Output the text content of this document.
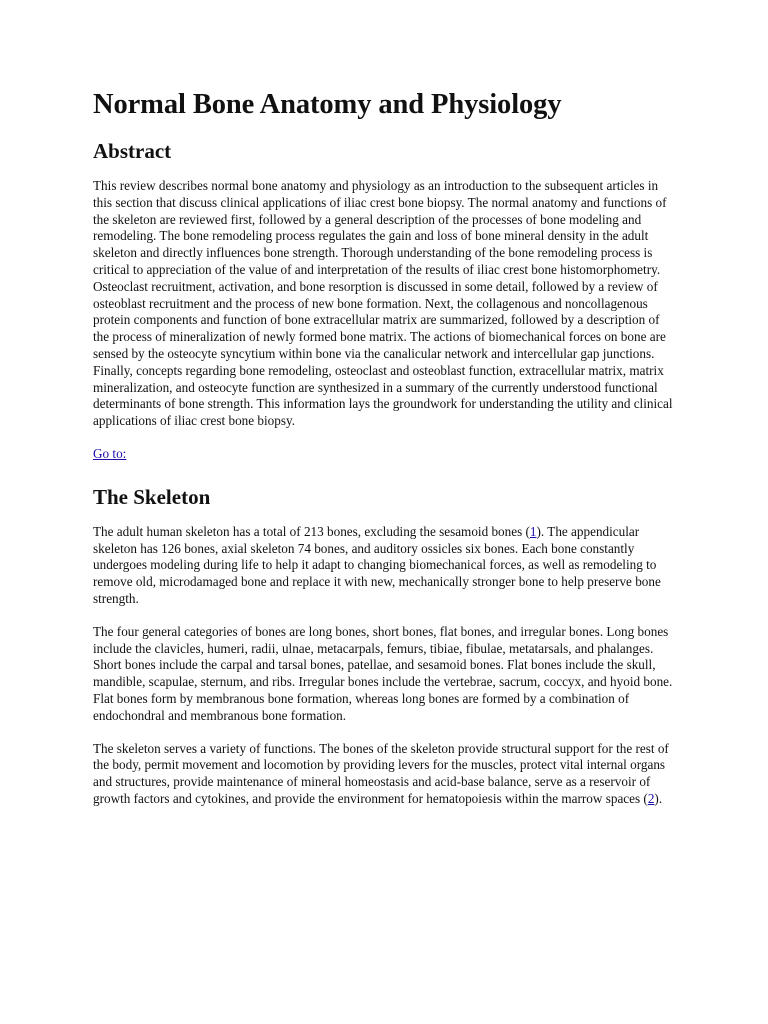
Normal Bone Anatomy and Physiology
Abstract

This review describes normal bone anatomy and physiology as an introduction to the subsequent articles in this section that discuss clinical applications of iliac crest bone biopsy. The normal anatomy and functions of the skeleton are reviewed first, followed by a general description of the processes of bone modeling and remodeling. The bone remodeling process regulates the gain and loss of bone mineral density in the adult skeleton and directly influences bone strength. Thorough understanding of the bone remodeling process is critical to appreciation of the value of and interpretation of the results of iliac crest bone histomorphometry. Osteoclast recruitment, activation, and bone resorption is discussed in some detail, followed by a review of osteoblast recruitment and the process of new bone formation. Next, the collagenous and noncollagenous protein components and function of bone extracellular matrix are summarized, followed by a description of the process of mineralization of newly formed bone matrix. The actions of biomechanical forces on bone are sensed by the osteocyte syncytium within bone via the canalicular network and intercellular gap junctions. Finally, concepts regarding bone remodeling, osteoclast and osteoblast function, extracellular matrix, matrix mineralization, and osteocyte function are synthesized in a summary of the currently understood functional determinants of bone strength. This information lays the groundwork for understanding the utility and clinical applications of iliac crest bone biopsy.

Go to:
The Skeleton

The adult human skeleton has a total of 213 bones, excluding the sesamoid bones (1). The appendicular skeleton has 126 bones, axial skeleton 74 bones, and auditory ossicles six bones. Each bone constantly undergoes modeling during life to help it adapt to changing biomechanical forces, as well as remodeling to remove old, microdamaged bone and replace it with new, mechanically stronger bone to help preserve bone strength.

The four general categories of bones are long bones, short bones, flat bones, and irregular bones. Long bones include the clavicles, humeri, radii, ulnae, metacarpals, femurs, tibiae, fibulae, metatarsals, and phalanges. Short bones include the carpal and tarsal bones, patellae, and sesamoid bones. Flat bones include the skull, mandible, scapulae, sternum, and ribs. Irregular bones include the vertebrae, sacrum, coccyx, and hyoid bone. Flat bones form by membranous bone formation, whereas long bones are formed by a combination of endochondral and membranous bone formation.

The skeleton serves a variety of functions. The bones of the skeleton provide structural support for the rest of the body, permit movement and locomotion by providing levers for the muscles, protect vital internal organs and structures, provide maintenance of mineral homeostasis and acid-base balance, serve as a reservoir of growth factors and cytokines, and provide the environment for hematopoiesis within the marrow spaces (2).
